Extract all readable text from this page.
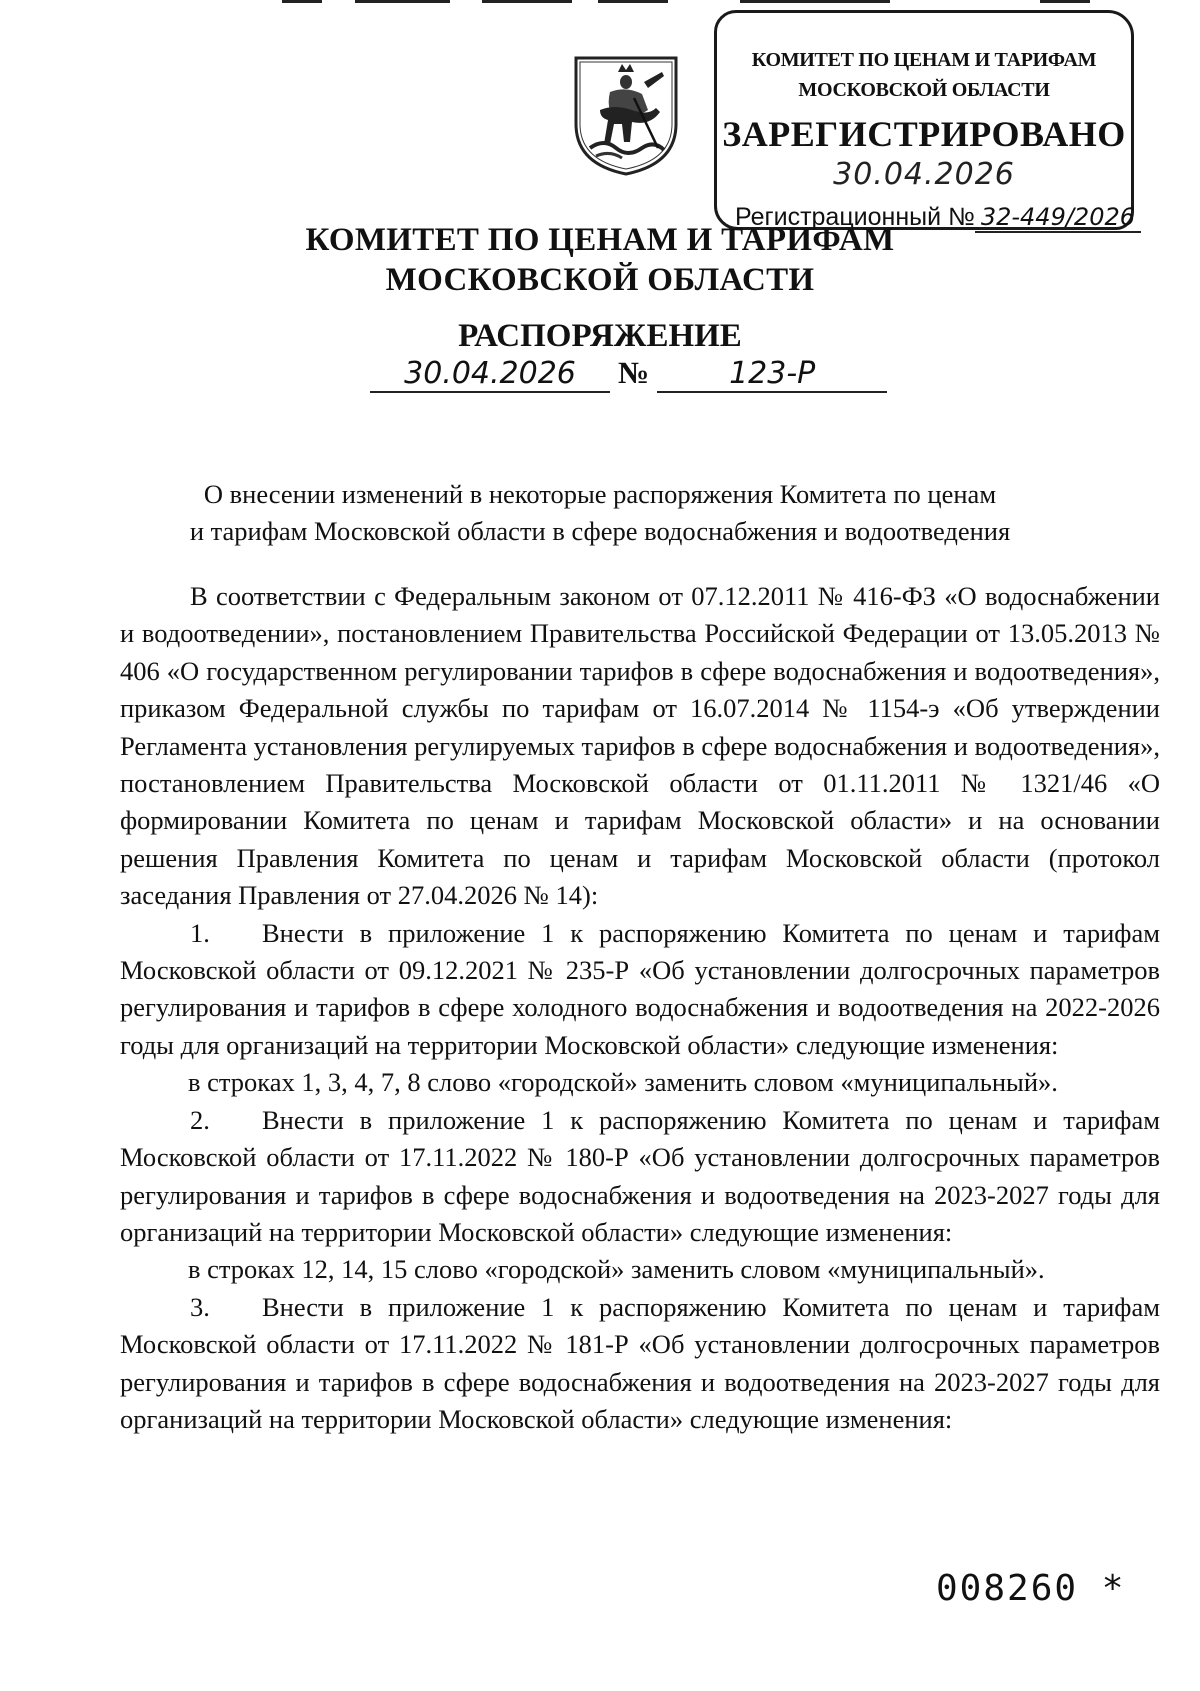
КОМИТЕТ ПО ЦЕНАМ И ТАРИФАМ
МОСКОВСКОЙ ОБЛАСТИ
ЗАРЕГИСТРИРОВАНО
30.04.2026
Регистрационный № 32-449/2026
КОМИТЕТ ПО ЦЕНАМ И ТАРИФАМ
МОСКОВСКОЙ ОБЛАСТИ
РАСПОРЯЖЕНИЕ
30.04.2026 №	123-Р
О внесении изменений в некоторые распоряжения Комитета по ценам
и тарифам Московской области в сфере водоснабжения и водоотведения

В соответствии с Федеральным законом от 07.12.2011 № 416-ФЗ «О водоснабжении и водоотведении», постановлением Правительства Российской Федерации от 13.05.2013 № 406 «О государственном регулировании тарифов в сфере водоснабжения и водоотведения», приказом Федеральной службы по тарифам от 16.07.2014 № 1154-э «Об утверждении Регламента установления регулируемых тарифов в сфере водоснабжения и водоотведения», постановлением Правительства Московской области от 01.11.2011 № 1321/46 «О формировании Комитета по ценам и тарифам Московской области» и на основании решения Правления Комитета по ценам и тарифам Московской области (протокол заседания Правления от 27.04.2026 № 14):

1. Внести в приложение 1 к распоряжению Комитета по ценам и тарифам Московской области от 09.12.2021 № 235-Р «Об установлении долгосрочных параметров регулирования и тарифов в сфере холодного водоснабжения и водоотведения на 2022-2026 годы для организаций на территории Московской области» следующие изменения:

в строках 1, 3, 4, 7, 8 слово «городской» заменить словом «муниципальный».

2. Внести в приложение 1 к распоряжению Комитета по ценам и тарифам Московской области от 17.11.2022 № 180-Р «Об установлении долгосрочных параметров регулирования и тарифов в сфере водоснабжения и водоотведения на 2023-2027 годы для организаций на территории Московской области» следующие изменения:

в строках 12, 14, 15 слово «городской» заменить словом «муниципальный».

3. Внести в приложение 1 к распоряжению Комитета по ценам и тарифам Московской области от 17.11.2022 № 181-Р «Об установлении долгосрочных параметров регулирования и тарифов в сфере водоснабжения и водоотведения на 2023-2027 годы для организаций на территории Московской области» следующие изменения:

008260 *
